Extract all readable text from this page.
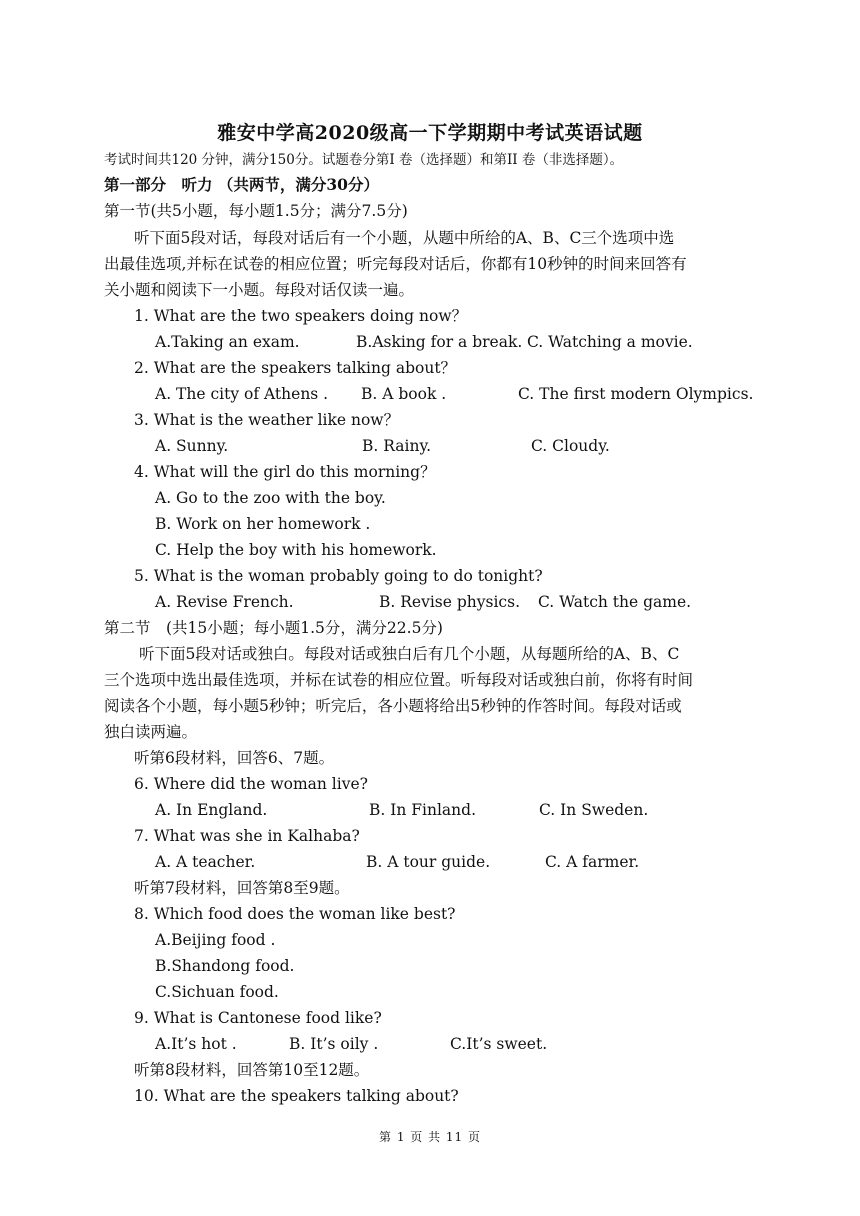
雅安中学高2020级高一下学期期中考试英语试题
考试时间共120 分钟，满分150分。试题卷分第I 卷（选择题）和第II 卷（非选择题）。
第一部分　听力 （共两节，满分30分）
第一节(共5小题，每小题1.5分；满分7.5分)
听下面5段对话，每段对话后有一个小题，从题中所给的A、B、C三个选项中选
出最佳选项,并标在试卷的相应位置；听完每段对话后，你都有10秒钟的时间来回答有
关小题和阅读下一小题。每段对话仅读一遍。
1. What are the two speakers doing now？
A.Taking an exam.	B.Asking for a break. C. Watching a movie.
2. What are the speakers talking about？
A. The city of Athens . B. A book .	C. The first modern Olympics.
3. What is the weather like now？
A. Sunny.	B. Rainy.	C. Cloudy.
4. What will the girl do this morning？
A. Go to the zoo with the boy.
B. Work on her homework .
C. Help the boy with his homework.
5. What is the woman probably going to do tonight?
A. Revise French.	B. Revise physics. C. Watch the game.
第二节　(共15小题；每小题1.5分，满分22.5分)
听下面5段对话或独白。每段对话或独白后有几个小题，从每题所给的A、B、C
三个选项中选出最佳选项，并标在试卷的相应位置。听每段对话或独白前，你将有时间
阅读各个小题，每小题5秒钟；听完后，各小题将给出5秒钟的作答时间。每段对话或
独白读两遍。
听第6段材料，回答6、7题。
6. Where did the woman live?
A. In England.	B. In Finland.	C. In Sweden.
7. What was she in Kalhaba?
A. A teacher.	B. A tour guide.	C. A farmer.
听第7段材料，回答第8至9题。
8. Which food does the woman like best?
A.Beijing food .
B.Shandong food.
C.Sichuan food.
9. What is Cantonese food like?
A.It’s hot .	B. It’s oily .	C.It’s sweet.
听第8段材料，回答第10至12题。
10. What are the speakers talking about?
第 1 页 共 11 页
